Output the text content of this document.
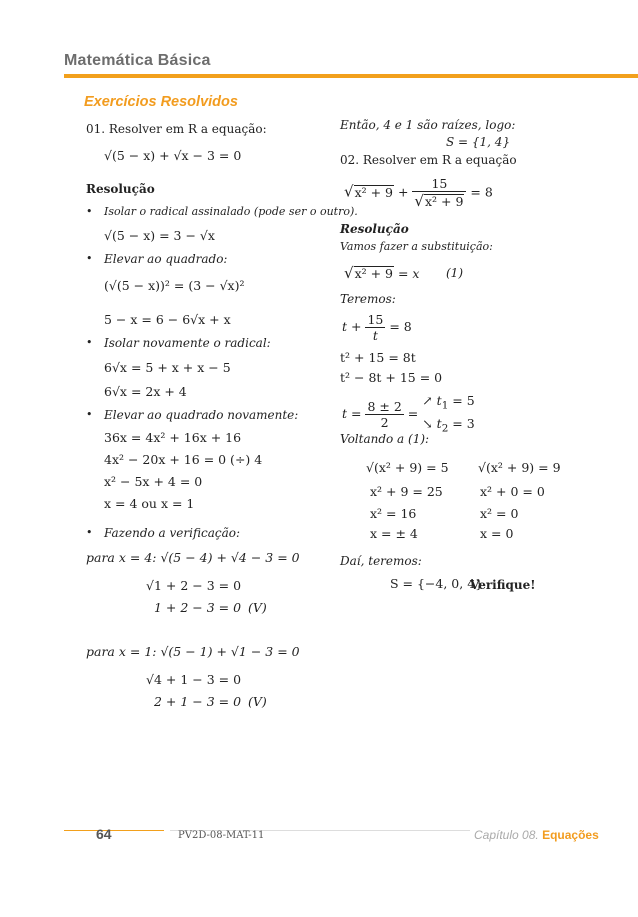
Matemática Básica
Exercícios Resolvidos
01. Resolver em R a equação:
√(5 − x) + √x − 3 = 0
Resolução
• Isolar o radical assinalado (pode ser o outro).
√(5 − x) = 3 − √x
• Elevar ao quadrado:
(√(5 − x))² = (3 − √x)²
5 − x = 6 − 6√x + x
• Isolar novamente o radical:
6√x = 5 + x + x − 5
6√x = 2x + 4
• Elevar ao quadrado novamente:
36x = 4x² + 16x + 16
4x² − 20x + 16 = 0 (÷) 4
x² − 5x + 4 = 0
x = 4 ou x = 1
• Fazendo a verificação:
para x = 4: √(5 − 4) + √4 − 3 = 0
√1 + 2 − 3 = 0
1 + 2 − 3 = 0 (V)
para x = 1: √(5 − 1) + √1 − 3 = 0
√4 + 1 − 3 = 0
2 + 1 − 3 = 0 (V)
Então, 4 e 1 são raízes, logo:
S = {1, 4}
02. Resolver em R a equação
$√x^2 + 9 + \frac{15}{\text{√x² + 9}} = 8$
Resolução
Vamos fazer a substituição:
√x² + 9 = x (1)
Teremos:
$t + \frac{15}{t} = 8$
t² + 15 = 8t
t² − 8t + 15 = 0
$t = \frac{8 \pm 2}{2}$ = ↗ $t_1 = 5$
↘ $t_2 = 3$
Voltando a (1):
√(x² + 9) = 5
x² + 9 = 25
x² = 16
x = ± 4
√(x² + 9) = 9
x² + 0 = 0
x² = 0
x = 0
Daí, teremos:
S = {−4, 0, 4}
Verifique!
64	PV2D-08-MAT-11	Capítulo 08. Equações
